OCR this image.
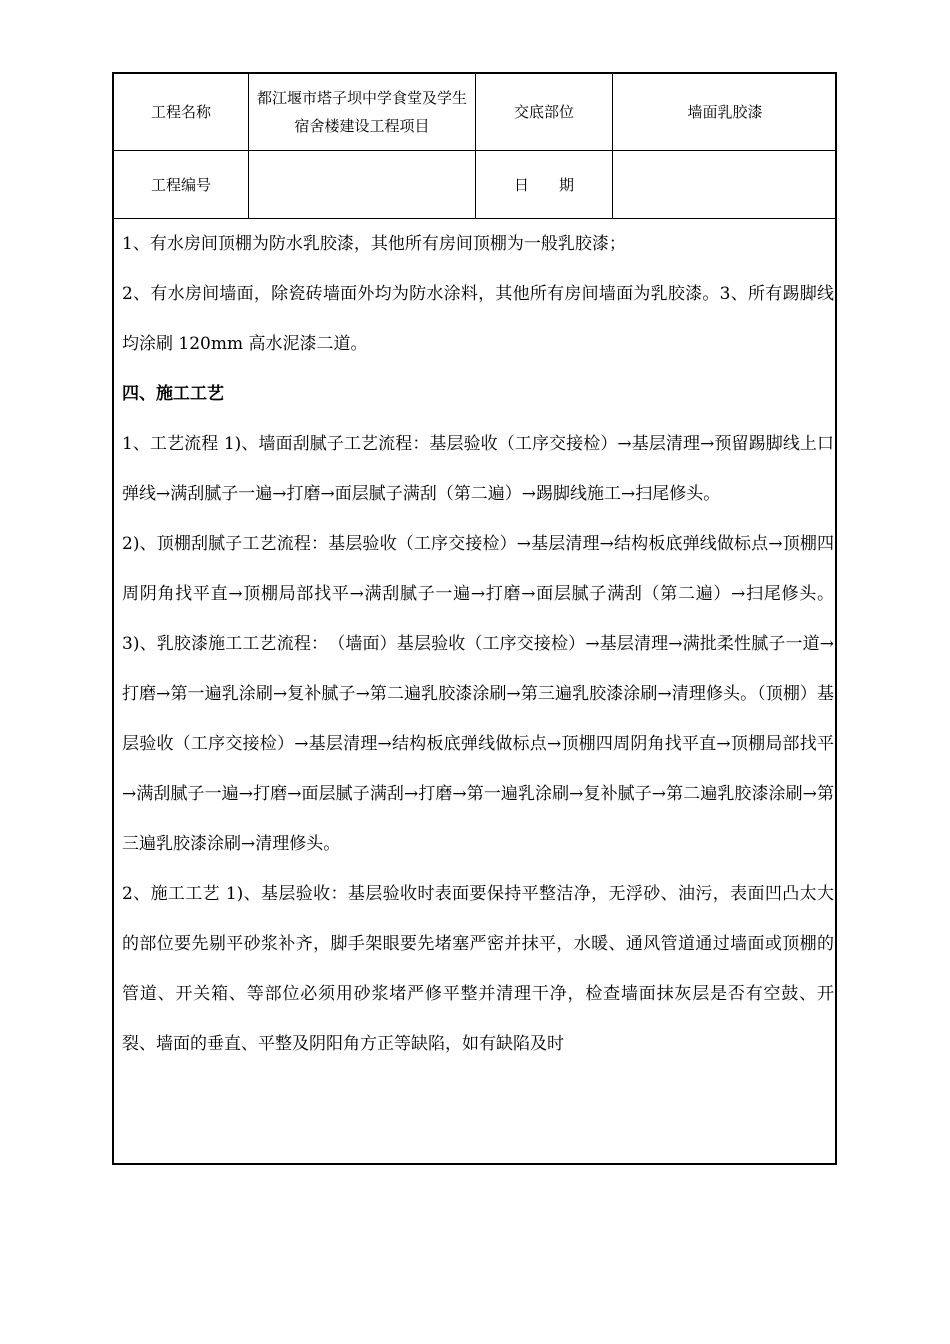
工程名称
都江堰市塔子坝中学食堂及学生宿舍楼建设工程项目
交底部位	墙面乳胶漆
工程编号	日　　期

1、有水房间顶棚为防水乳胶漆，其他所有房间顶棚为一般乳胶漆；

2、有水房间墙面，除瓷砖墙面外均为防水涂料，其他所有房间墙面为乳胶漆。3、所有踢脚线均涂刷 120mm 高水泥漆二道。

四、施工工艺

1、工艺流程 1)、墙面刮腻子工艺流程：基层验收（工序交接检）→基层清理→预留踢脚线上口弹线→满刮腻子一遍→打磨→面层腻子满刮（第二遍）→踢脚线施工→扫尾修头。

2)、顶棚刮腻子工艺流程：基层验收（工序交接检）→基层清理→结构板底弹线做标点→顶棚四周阴角找平直→顶棚局部找平→满刮腻子一遍→打磨→面层腻子满刮（第二遍）→扫尾修头。 3)、乳胶漆施工工艺流程：　（墙面）基层验收（工序交接检）→基层清理→满批柔性腻子一道→打磨→第一遍乳涂刷→复补腻子→第二遍乳胶漆涂刷→第三遍乳胶漆涂刷→清理修头。（顶棚）基层验收（工序交接检）→基层清理→结构板底弹线做标点→顶棚四周阴角找平直→顶棚局部找平→满刮腻子一遍→打磨→面层腻子满刮→打磨→第一遍乳涂刷→复补腻子→第二遍乳胶漆涂刷→第三遍乳胶漆涂刷→清理修头。

2、施工工艺 1)、基层验收：基层验收时表面要保持平整洁净，无浮砂、油污，表面凹凸太大的部位要先剔平砂浆补齐，脚手架眼要先堵塞严密并抹平，水暖、通风管道通过墙面或顶棚的管道、开关箱、等部位必须用砂浆堵严修平整并清理干净，检查墙面抹灰层是否有空鼓、开裂、墙面的垂直、平整及阴阳角方正等缺陷，如有缺陷及时
